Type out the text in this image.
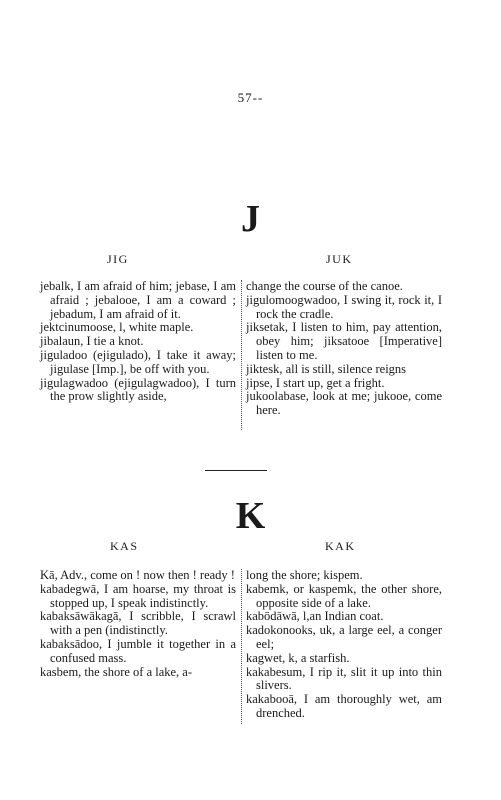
57--
J
JIG	JUK
jebalk, I am afraid of him; jebase, I am afraid ; jebalooe, I am a coward ; jebadum, I am afraid of it.
jektcinumoose, l, white maple.
jibalaun, I tie a knot.
jiguladoo (ejigulado), I take it away; jigulase [Imp.], be off with you.
jigulagwadoo (ejigulagwadoo), I turn the prow slightly aside,
change the course of the canoe.
jigulomoogwadoo, I swing it, rock it, I rock the cradle.
jiksetak, I listen to him, pay attention, obey him; jiksatooe [Imperative] listen to me.
jiktesk, all is still, silence reigns
jipse, I start up, get a fright.
jukoolabase, look at me; jukooe, come here.
K
KAS	KAK
Kā, Adv., come on ! now then ! ready !
kabadegwā, I am hoarse, my throat is stopped up, I speak indistinctly.
kabaksāwākagā, I scribble, I scrawl with a pen (indistinctly.
kabaksādoo, I jumble it together in a confused mass.
kasbem, the shore of a lake, a-
long the shore; kispem.
kabemk, or kaspemk, the other shore, opposite side of a lake.
kabōdāwā, l,an Indian coat.
kadokonooks, uk, a large eel, a conger eel;
kagwet, k, a starfish.
kakabesum, I rip it, slit it up into thin slivers.
kakabooā, I am thoroughly wet, am drenched.
